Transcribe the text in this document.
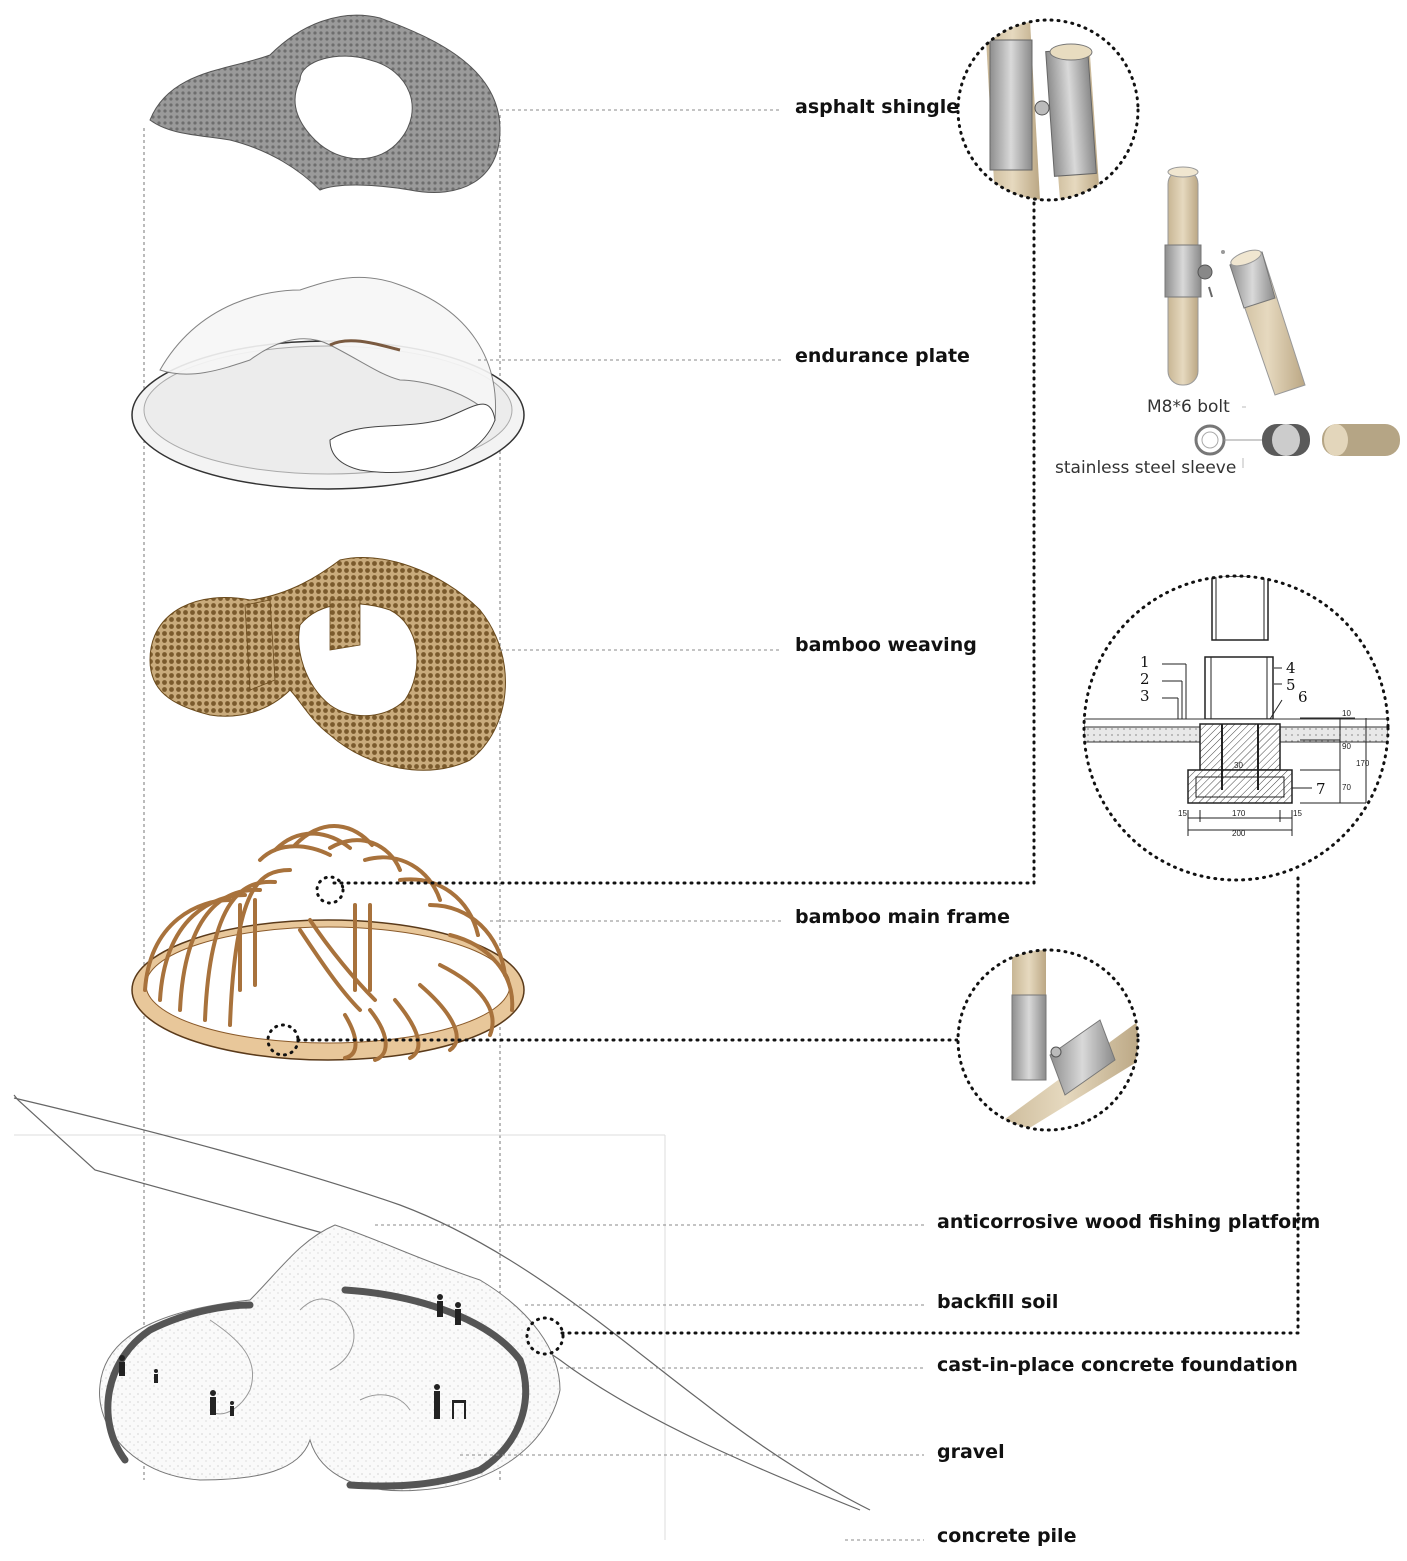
1
2
3
4
5
6
7
10
90
70
170
170
200
15	15
30
asphalt shingle
endurance plate
bamboo weaving
bamboo main frame
anticorrosive wood fishing platform
backfill soil
cast-in-place concrete foundation
gravel
concrete pile
M8*6 bolt
stainless steel sleeve
